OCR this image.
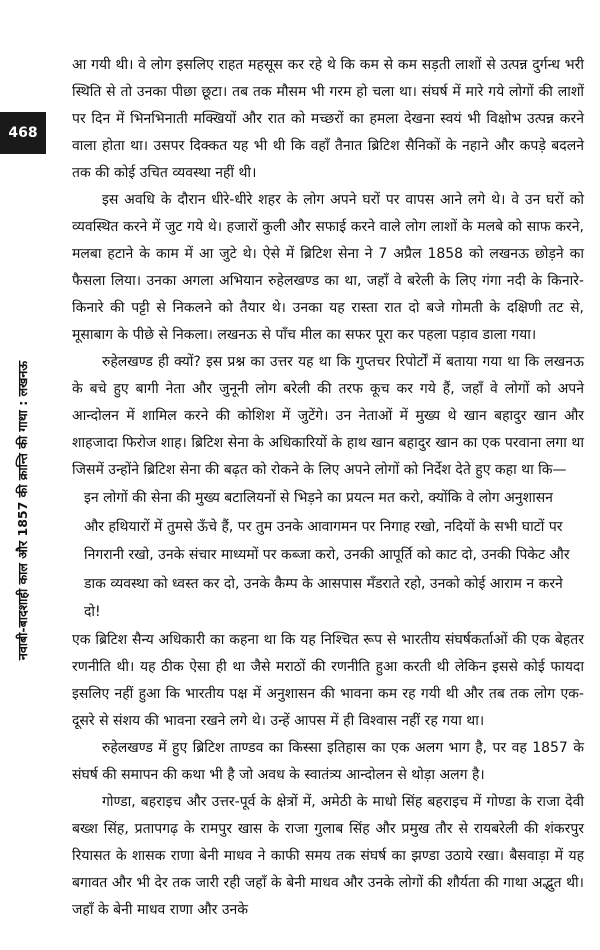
468
नवाबी-बादशाही काल और 1857 की क्रान्ति की गाथा : लखनऊ

आ गयी थी। वे लोग इसलिए राहत महसूस कर रहे थे कि कम से कम सड़ती लाशों से उत्पन्न दुर्गन्ध भरी स्थिति से तो उनका पीछा छूटा। तब तक मौसम भी गरम हो चला था। संघर्ष में मारे गये लोगों की लाशों पर दिन में भिनभिनाती मक्खियों और रात को मच्छरों का हमला देखना स्वयं भी विक्षोभ उत्पन्न करने वाला होता था। उसपर दिक्कत यह भी थी कि वहाँ तैनात ब्रिटिश सैनिकों के नहाने और कपड़े बदलने तक की कोई उचित व्यवस्था नहीं थी।

इस अवधि के दौरान धीरे-धीरे शहर के लोग अपने घरों पर वापस आने लगे थे। वे उन घरों को व्यवस्थित करने में जुट गये थे। हजारों कुली और सफाई करने वाले लोग लाशों के मलबे को साफ करने, मलबा हटाने के काम में आ जुटे थे। ऐसे में ब्रिटिश सेना ने 7 अप्रैल 1858 को लखनऊ छोड़ने का फैसला लिया। उनका अगला अभियान रुहेलखण्ड का था, जहाँ वे बरेली के लिए गंगा नदी के किनारे-किनारे की पट्टी से निकलने को तैयार थे। उनका यह रास्ता रात दो बजे गोमती के दक्षिणी तट से, मूसाबाग के पीछे से निकला। लखनऊ से पाँच मील का सफर पूरा कर पहला पड़ाव डाला गया।

रुहेलखण्ड ही क्यों? इस प्रश्न का उत्तर यह था कि गुप्तचर रिपोर्टों में बताया गया था कि लखनऊ के बचे हुए बागी नेता और जुनूनी लोग बरेली की तरफ कूच कर गये हैं, जहाँ वे लोगों को अपने आन्दोलन में शामिल करने की कोशिश में जुटेंगे। उन नेताओं में मुख्य थे खान बहादुर खान और शाहजादा फिरोज शाह। ब्रिटिश सेना के अधिकारियों के हाथ खान बहादुर खान का एक परवाना लगा था जिसमें उन्होंने ब्रिटिश सेना की बढ़त को रोकने के लिए अपने लोगों को निर्देश देते हुए कहा था कि—

इन लोगों की सेना की मुख्य बटालियनों से भिड़ने का प्रयत्न मत करो, क्योंकि वे लोग अनुशासन और हथियारों में तुमसे ऊँचे हैं, पर तुम उनके आवागमन पर निगाह रखो, नदियों के सभी घाटों पर निगरानी रखो, उनके संचार माध्यमों पर कब्जा करो, उनकी आपूर्ति को काट दो, उनकी पिकेट और डाक व्यवस्था को ध्वस्त कर दो, उनके कैम्प के आसपास मँडराते रहो, उनको कोई आराम न करने दो!

एक ब्रिटिश सैन्य अधिकारी का कहना था कि यह निश्चित रूप से भारतीय संघर्षकर्ताओं की एक बेहतर रणनीति थी। यह ठीक ऐसा ही था जैसे मराठों की रणनीति हुआ करती थी लेकिन इससे कोई फायदा इसलिए नहीं हुआ कि भारतीय पक्ष में अनुशासन की भावना कम रह गयी थी और तब तक लोग एक-दूसरे से संशय की भावना रखने लगे थे। उन्हें आपस में ही विश्वास नहीं रह गया था।

रुहेलखण्ड में हुए ब्रिटिश ताण्डव का किस्सा इतिहास का एक अलग भाग है, पर वह 1857 के संघर्ष की समापन की कथा भी है जो अवध के स्वातंत्र्य आन्दोलन से थोड़ा अलग है।

गोण्डा, बहराइच और उत्तर-पूर्व के क्षेत्रों में, अमेठी के माधो सिंह बहराइच में गोण्डा के राजा देवी बख्श सिंह, प्रतापगढ़ के रामपुर खास के राजा गुलाब सिंह और प्रमुख तौर से रायबरेली की शंकरपुर रियासत के शासक राणा बेनी माधव ने काफी समय तक संघर्ष का झण्डा उठाये रखा। बैसवाड़ा में यह बगावत और भी देर तक जारी रही जहाँ के बेनी माधव और उनके लोगों की शौर्यता की गाथा अद्भुत थी। जहाँ के बेनी माधव राणा और उनके
